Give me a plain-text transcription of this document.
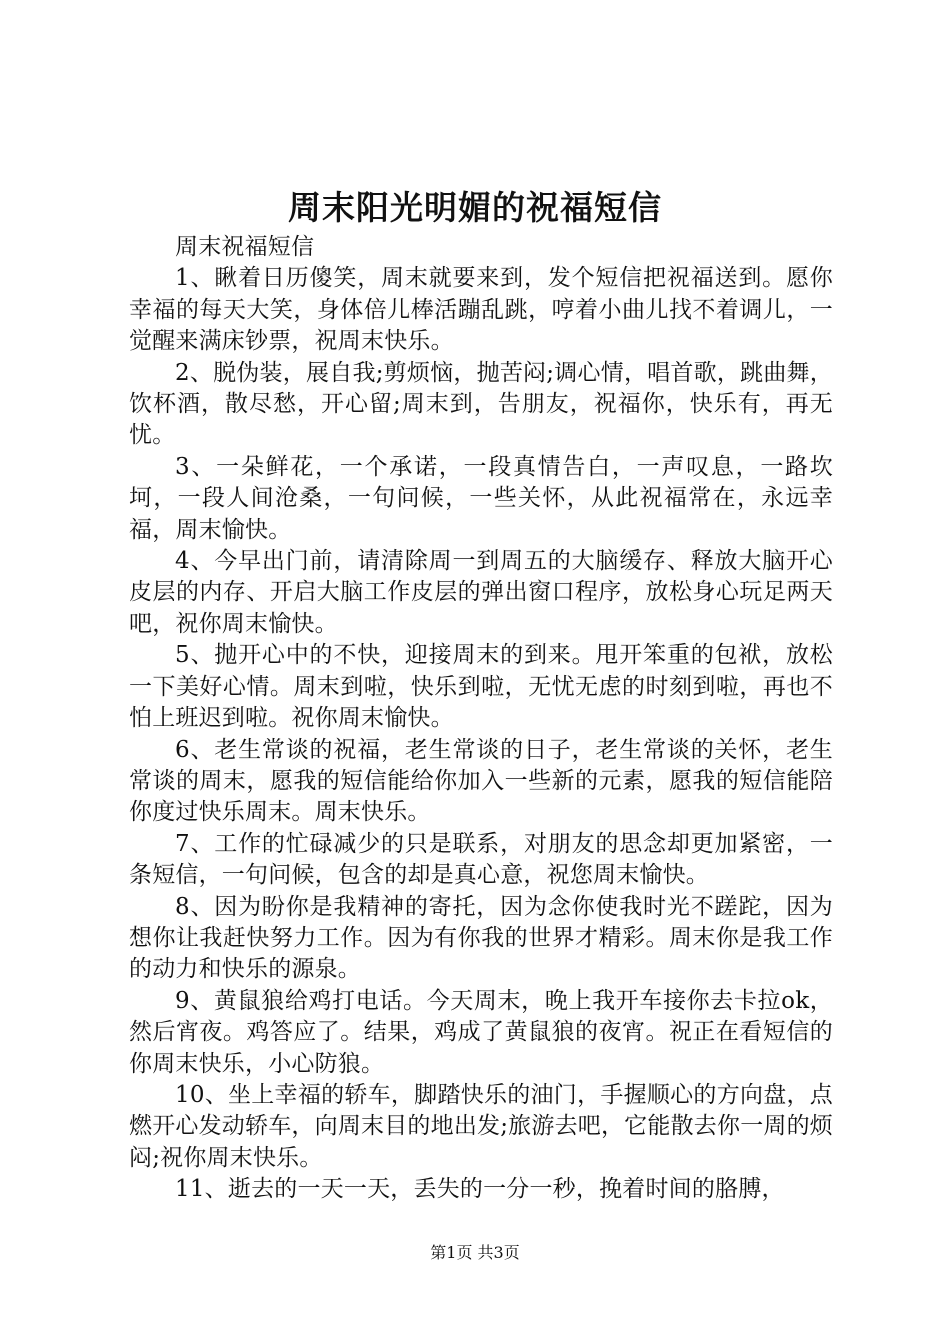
周末阳光明媚的祝福短信

周末祝福短信

1、瞅着日历傻笑，周末就要来到，发个短信把祝福送到。愿你幸福的每天大笑，身体倍儿棒活蹦乱跳，哼着小曲儿找不着调儿，一觉醒来满床钞票，祝周末快乐。

2、脱伪装，展自我;剪烦恼，抛苦闷;调心情，唱首歌，跳曲舞，饮杯酒，散尽愁，开心留;周末到，告朋友，祝福你，快乐有，再无忧。

3、一朵鲜花，一个承诺，一段真情告白，一声叹息，一路坎坷，一段人间沧桑，一句问候，一些关怀，从此祝福常在，永远幸福，周末愉快。

4、今早出门前，请清除周一到周五的大脑缓存、释放大脑开心皮层的内存、开启大脑工作皮层的弹出窗口程序，放松身心玩足两天吧，祝你周末愉快。

5、抛开心中的不快，迎接周末的到来。甩开笨重的包袱，放松一下美好心情。周末到啦，快乐到啦，无忧无虑的时刻到啦，再也不怕上班迟到啦。祝你周末愉快。

6、老生常谈的祝福，老生常谈的日子，老生常谈的关怀，老生常谈的周末，愿我的短信能给你加入一些新的元素，愿我的短信能陪你度过快乐周末。周末快乐。

7、工作的忙碌减少的只是联系，对朋友的思念却更加紧密，一条短信，一句问候，包含的却是真心意，祝您周末愉快。

8、因为盼你是我精神的寄托，因为念你使我时光不蹉跎，因为想你让我赶快努力工作。因为有你我的世界才精彩。周末你是我工作的动力和快乐的源泉。

9、黄鼠狼给鸡打电话。今天周末，晚上我开车接你去卡拉ok，然后宵夜。鸡答应了。结果，鸡成了黄鼠狼的夜宵。祝正在看短信的你周末快乐，小心防狼。

10、坐上幸福的轿车，脚踏快乐的油门，手握顺心的方向盘，点燃开心发动轿车，向周末目的地出发;旅游去吧，它能散去你一周的烦闷;祝你周末快乐。

11、逝去的一天一天，丢失的一分一秒，挽着时间的胳膊，

第1页 共3页
